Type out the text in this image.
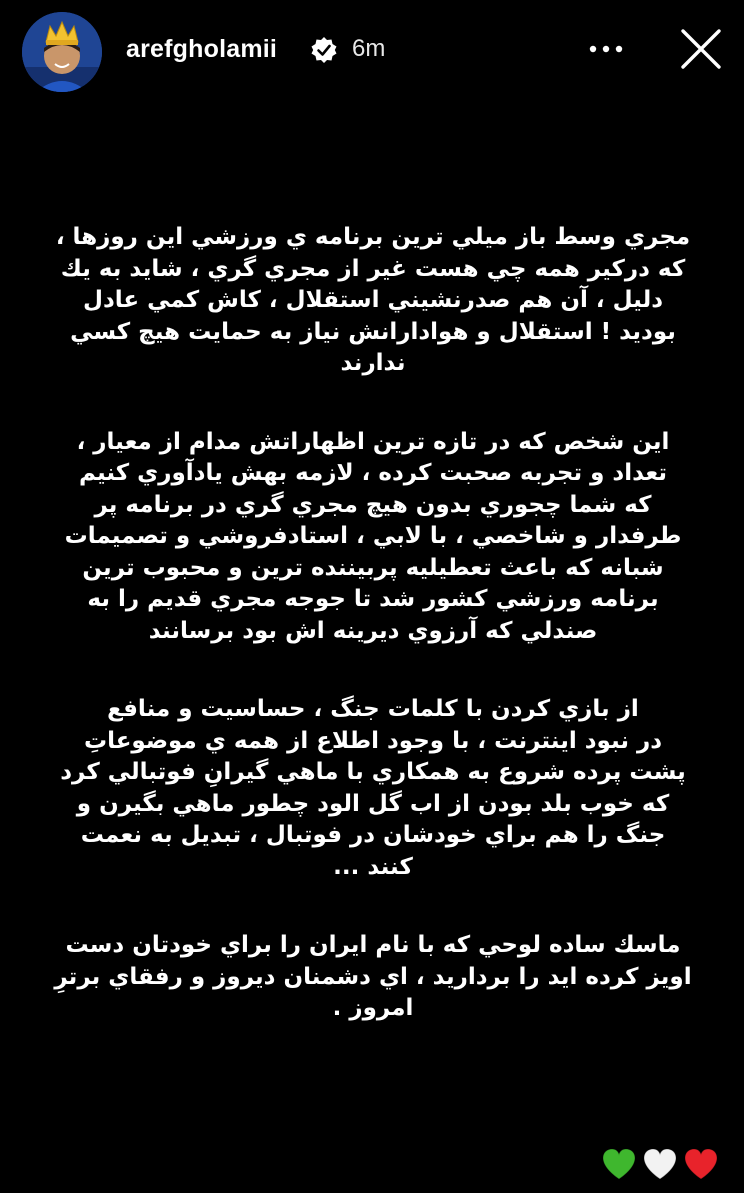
arefgholamii	6m

مجري وسط باز ميلي ترين برنامه ي ورزشي اين روزها ،
كه دركير همه چي هست غير از مجري گري ، شايد به يك
دليل ، آن هم صدرنشيني استقلال ، كاش كمي عادل
بوديد ! استقلال و هوادارانش نياز به حمايت هيچ كسي
ندارند

اين شخص كه در تازه ترين اظهاراتش مدام از معيار ،
تعداد و تجربه صحبت كرده ، لازمه بهش يادآوري كنيم
كه شما چجوري بدون هيچ مجري گري در برنامه پر
طرفدار و شاخصي ، با لابي ، استادفروشي و تصميمات
شبانه كه باعث تعطيليه پربيننده ترين و محبوب ترين
برنامه ورزشي كشور شد تا جوجه مجري قديم را به
صندلي كه آرزوي ديرينه اش بود برسانند

از بازي كردن با كلمات جنگ ، حساسيت و منافع
در نبود اينترنت ، با وجود اطلاع از همه ي موضوعاتِ
پشت پرده شروع به همكاري با ماهي گيرانِ فوتبالي كرد
كه خوب بلد بودن از اب گل الود چطور ماهي بگيرن و
جنگ را هم براي خودشان در فوتبال ، تبديل به نعمت
كنند ...

ماسك ساده لوحي كه با نام ايران را براي خودتان دست
اويز كرده ايد را برداريد ، اي دشمنان ديروز و رفقاي برترِ
امروز .
